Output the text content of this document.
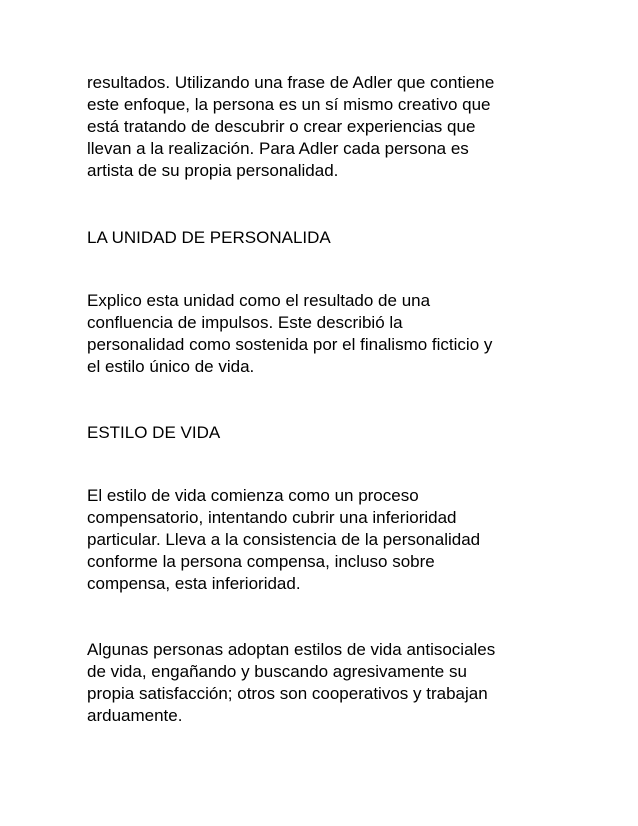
resultados. Utilizando una frase de Adler que contiene
este enfoque, la persona es un sí mismo creativo que
está tratando de descubrir o crear experiencias que
llevan a la realización. Para Adler cada persona es
artista de su propia personalidad.

LA UNIDAD DE PERSONALIDA

Explico esta unidad como el resultado de una
confluencia de impulsos. Este describió la
personalidad como sostenida por el finalismo ficticio y
el estilo único de vida.

ESTILO DE VIDA

El estilo de vida comienza como un proceso
compensatorio, intentando cubrir una inferioridad
particular. Lleva a la consistencia de la personalidad
conforme la persona compensa, incluso sobre
compensa, esta inferioridad.

Algunas personas adoptan estilos de vida antisociales
de vida, engañando y buscando agresivamente su
propia satisfacción; otros son cooperativos y trabajan
arduamente.
